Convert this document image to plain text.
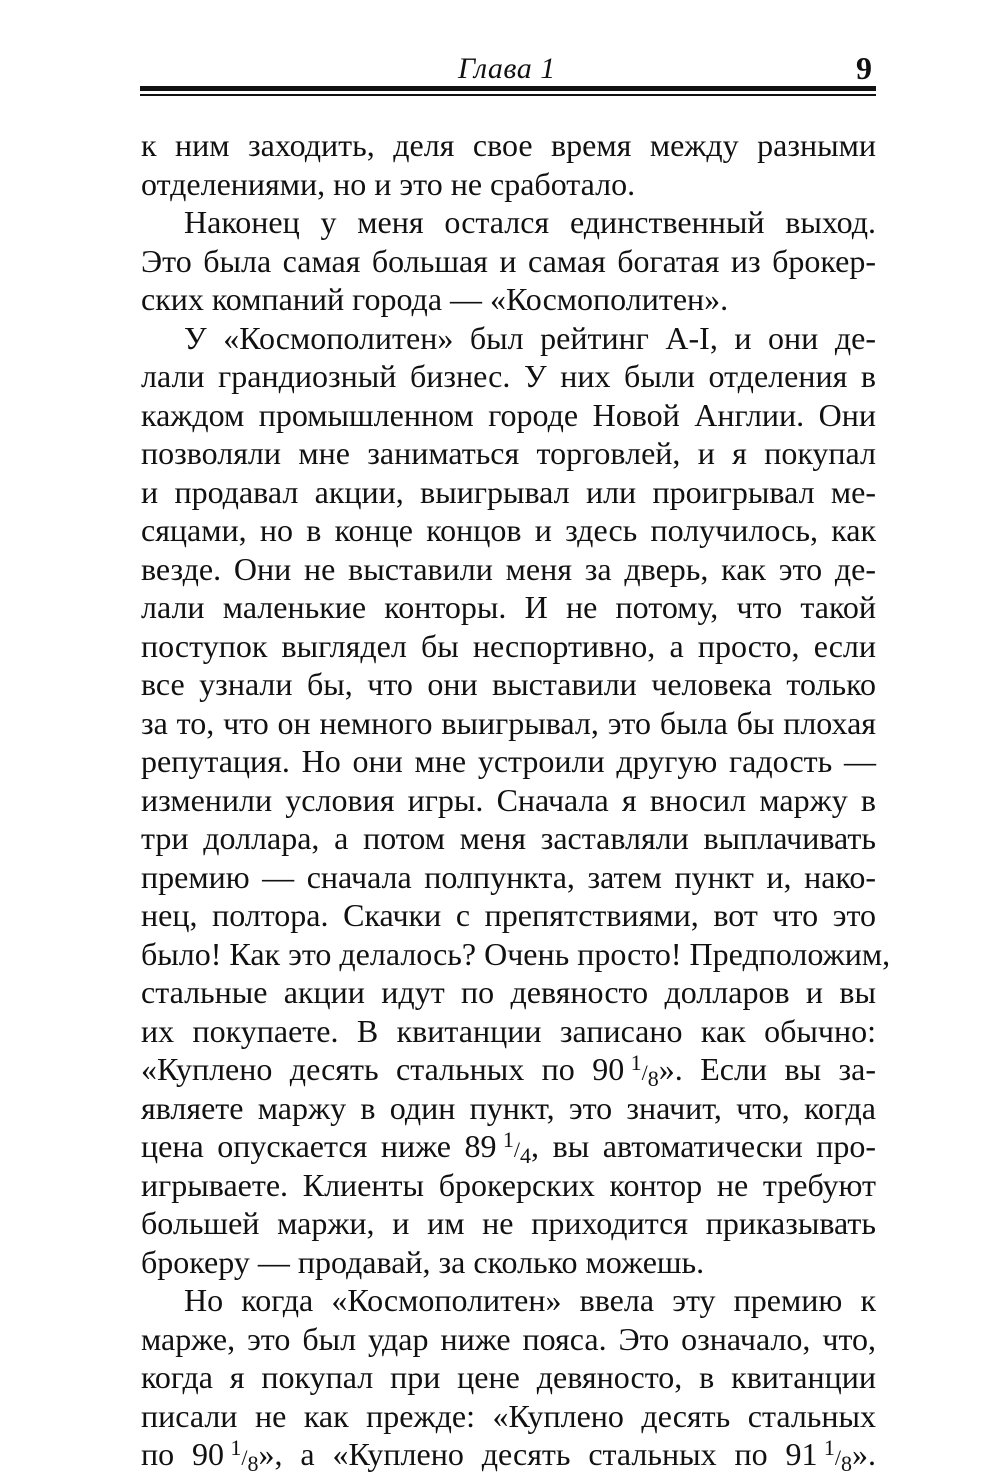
Глава 1	9
к ним заходить, деля свое время между разными
отделениями, но и это не сработало.
Наконец у меня остался единственный выход.
Это была самая большая и самая богатая из брокер-
ских компаний города — «Космополитен».
У «Космополитен» был рейтинг А-I, и они де-
лали грандиозный бизнес. У них были отделения в
каждом промышленном городе Новой Англии. Они
позволяли мне заниматься торговлей, и я покупал
и продавал акции, выигрывал или проигрывал ме-
сяцами, но в конце концов и здесь получилось, как
везде. Они не выставили меня за дверь, как это де-
лали маленькие конторы. И не потому, что такой
поступок выглядел бы неспортивно, а просто, если
все узнали бы, что они выставили человека только
за то, что он немного выигрывал, это была бы плохая
репутация. Но они мне устроили другую гадость —
изменили условия игры. Сначала я вносил маржу в
три доллара, а потом меня заставляли выплачивать
премию — сначала полпункта, затем пункт и, нако-
нец, полтора. Скачки с препятствиями, вот что это
было! Как это делалось? Очень просто! Предположим,
стальные акции идут по девяносто долларов и вы
их покупаете. В квитанции записано как обычно:
«Куплено десять стальных по 90  1/8». Если вы за-
являете маржу в один пункт, это значит, что, когда
цена опускается ниже 89  1/4, вы автоматически про-
игрываете. Клиенты брокерских контор не требуют
большей маржи, и им не приходится приказывать
брокеру — продавай, за сколько можешь.
Но когда «Космополитен» ввела эту премию к
марже, это был удар ниже пояса. Это означало, что,
когда я покупал при цене девяносто, в квитанции
писали не как прежде: «Куплено десять стальных
по 90  1/8», а «Куплено десять стальных по 91  1/8».
